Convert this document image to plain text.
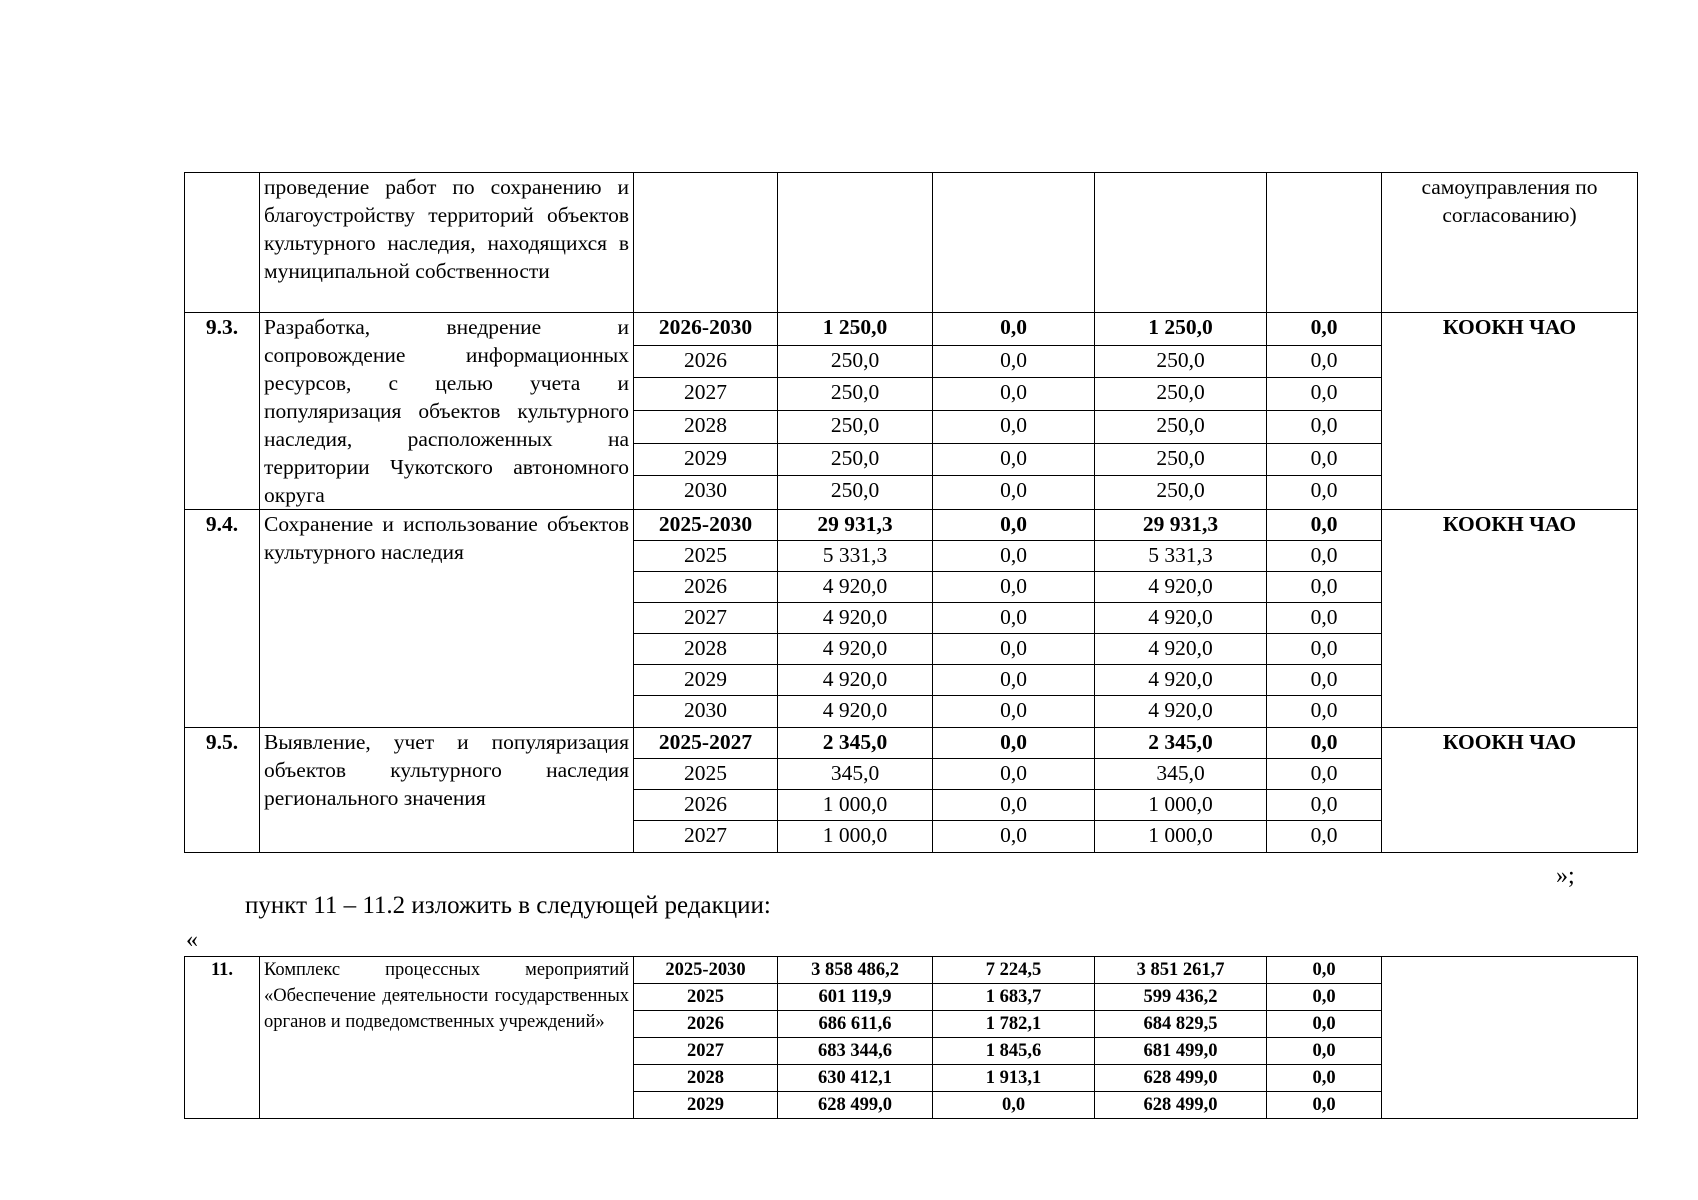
	проведение работ по сохранению и благоустройству территорий объектов культурного наследия, находящихся в муниципальной собственности						самоуправления по согласованию)
9.3.	Разработка, внедрение и сопровождение информационных ресурсов, с целью учета и популяризация объектов культурного наследия, расположенных на территории Чукотского автономного округа	2026-2030	1 250,0	0,0	1 250,0	0,0	КООКН ЧАО
		2026	250,0	0,0	250,0	0,0	
		2027	250,0	0,0	250,0	0,0	
		2028	250,0	0,0	250,0	0,0	
		2029	250,0	0,0	250,0	0,0	
		2030	250,0	0,0	250,0	0,0	
9.4.	Сохранение и использование объектов культурного наследия	2025-2030	29 931,3	0,0	29 931,3	0,0	КООКН ЧАО
		2025	5 331,3	0,0	5 331,3	0,0	
		2026	4 920,0	0,0	4 920,0	0,0	
		2027	4 920,0	0,0	4 920,0	0,0	
		2028	4 920,0	0,0	4 920,0	0,0	
		2029	4 920,0	0,0	4 920,0	0,0	
		2030	4 920,0	0,0	4 920,0	0,0	
9.5.	Выявление, учет и популяризация объектов культурного наследия регионального значения	2025-2027	2 345,0	0,0	2 345,0	0,0	КООКН ЧАО
		2025	345,0	0,0	345,0	0,0	
		2026	1 000,0	0,0	1 000,0	0,0	
		2027	1 000,0	0,0	1 000,0	0,0	
»;
пункт 11 – 11.2 изложить в следующей редакции:
«
11.	Комплекс процессных мероприятий «Обеспечение деятельности государственных органов и подведомственных учреждений»	2025-2030	3 858 486,2	7 224,5	3 851 261,7	0,0	
		2025	601 119,9	1 683,7	599 436,2	0,0	
		2026	686 611,6	1 782,1	684 829,5	0,0	
		2027	683 344,6	1 845,6	681 499,0	0,0	
		2028	630 412,1	1 913,1	628 499,0	0,0	
		2029	628 499,0	0,0	628 499,0	0,0	
